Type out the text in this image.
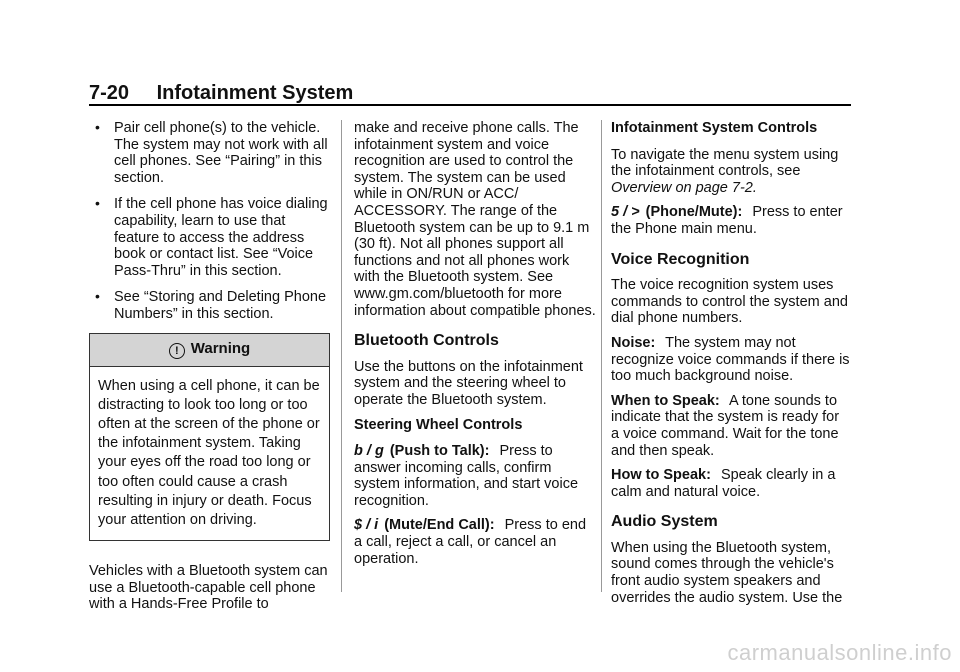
7-20 Infotainment System
• Pair cell phone(s) to the vehicle. The system may not work with all cell phones. See “Pairing” in this section.
• If the cell phone has voice dialing capability, learn to use that feature to access the address book or contact list. See “Voice Pass-Thru” in this section.
• See “Storing and Deleting Phone Numbers” in this section.
! Warning
When using a cell phone, it can be distracting to look too long or too often at the screen of the phone or the infotainment system. Taking your eyes off the road too long or too often could cause a crash resulting in injury or death. Focus your attention on driving.

Vehicles with a Bluetooth system can use a Bluetooth-capable cell phone with a Hands-Free Profile to

make and receive phone calls. The infotainment system and voice recognition are used to control the system. The system can be used while in ON/RUN or ACC/ ACCESSORY. The range of the Bluetooth system can be up to 9.1 m (30 ft). Not all phones support all functions and not all phones work with the Bluetooth system. See www.gm.com/bluetooth for more information about compatible phones.

Bluetooth Controls

Use the buttons on the infotainment system and the steering wheel to operate the Bluetooth system.

Steering Wheel Controls

b / g (Push to Talk): Press to answer incoming calls, confirm system information, and start voice recognition.

$ / i (Mute/End Call): Press to end a call, reject a call, or cancel an operation.

Infotainment System Controls

To navigate the menu system using the infotainment controls, see Overview on page 7‑2.

5 / > (Phone/Mute): Press to enter the Phone main menu.

Voice Recognition

The voice recognition system uses commands to control the system and dial phone numbers.

Noise: The system may not recognize voice commands if there is too much background noise.

When to Speak: A tone sounds to indicate that the system is ready for a voice command. Wait for the tone and then speak.

How to Speak: Speak clearly in a calm and natural voice.

Audio System

When using the Bluetooth system, sound comes through the vehicle's front audio system speakers and overrides the audio system. Use the

carmanualsonline.info
